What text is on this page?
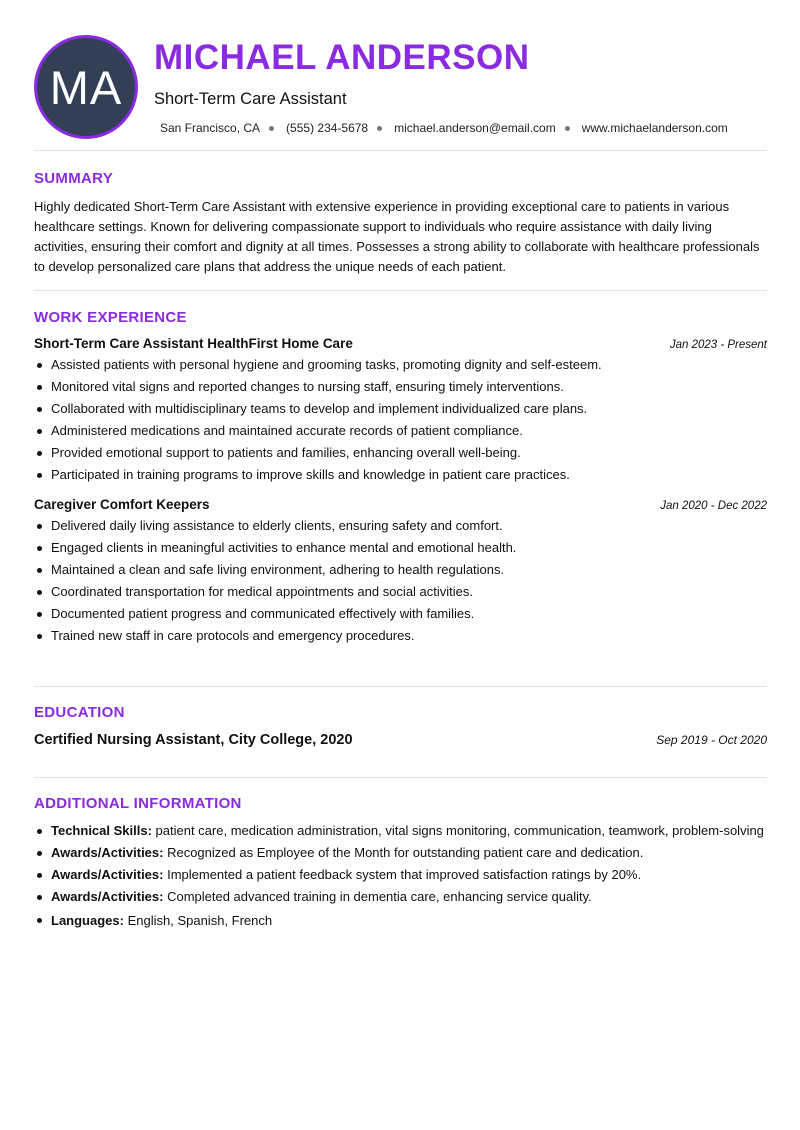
MA
MICHAEL ANDERSON
Short-Term Care Assistant
San Francisco, CA (555) 234-5678 michael.anderson@email.com www.michaelanderson.com
SUMMARY

Highly dedicated Short-Term Care Assistant with extensive experience in providing exceptional care to patients in various healthcare settings. Known for delivering compassionate support to individuals who require assistance with daily living activities, ensuring their comfort and dignity at all times. Possesses a strong ability to collaborate with healthcare professionals to develop personalized care plans that address the unique needs of each patient.

WORK EXPERIENCE
Short-Term Care Assistant HealthFirst Home Care	Jan 2023 - Present
Assisted patients with personal hygiene and grooming tasks, promoting dignity and self-esteem.
Monitored vital signs and reported changes to nursing staff, ensuring timely interventions.
Collaborated with multidisciplinary teams to develop and implement individualized care plans.
Administered medications and maintained accurate records of patient compliance.
Provided emotional support to patients and families, enhancing overall well-being.
Participated in training programs to improve skills and knowledge in patient care practices.
Caregiver Comfort Keepers	Jan 2020 - Dec 2022
Delivered daily living assistance to elderly clients, ensuring safety and comfort.
Engaged clients in meaningful activities to enhance mental and emotional health.
Maintained a clean and safe living environment, adhering to health regulations.
Coordinated transportation for medical appointments and social activities.
Documented patient progress and communicated effectively with families.
Trained new staff in care protocols and emergency procedures.
EDUCATION
Certified Nursing Assistant, City College, 2020	Sep 2019 - Oct 2020
ADDITIONAL INFORMATION
Technical Skills: patient care, medication administration, vital signs monitoring, communication, teamwork, problem-solving
Awards/Activities: Recognized as Employee of the Month for outstanding patient care and dedication.
Awards/Activities: Implemented a patient feedback system that improved satisfaction ratings by 20%.
Awards/Activities: Completed advanced training in dementia care, enhancing service quality.
Languages: English, Spanish, French
